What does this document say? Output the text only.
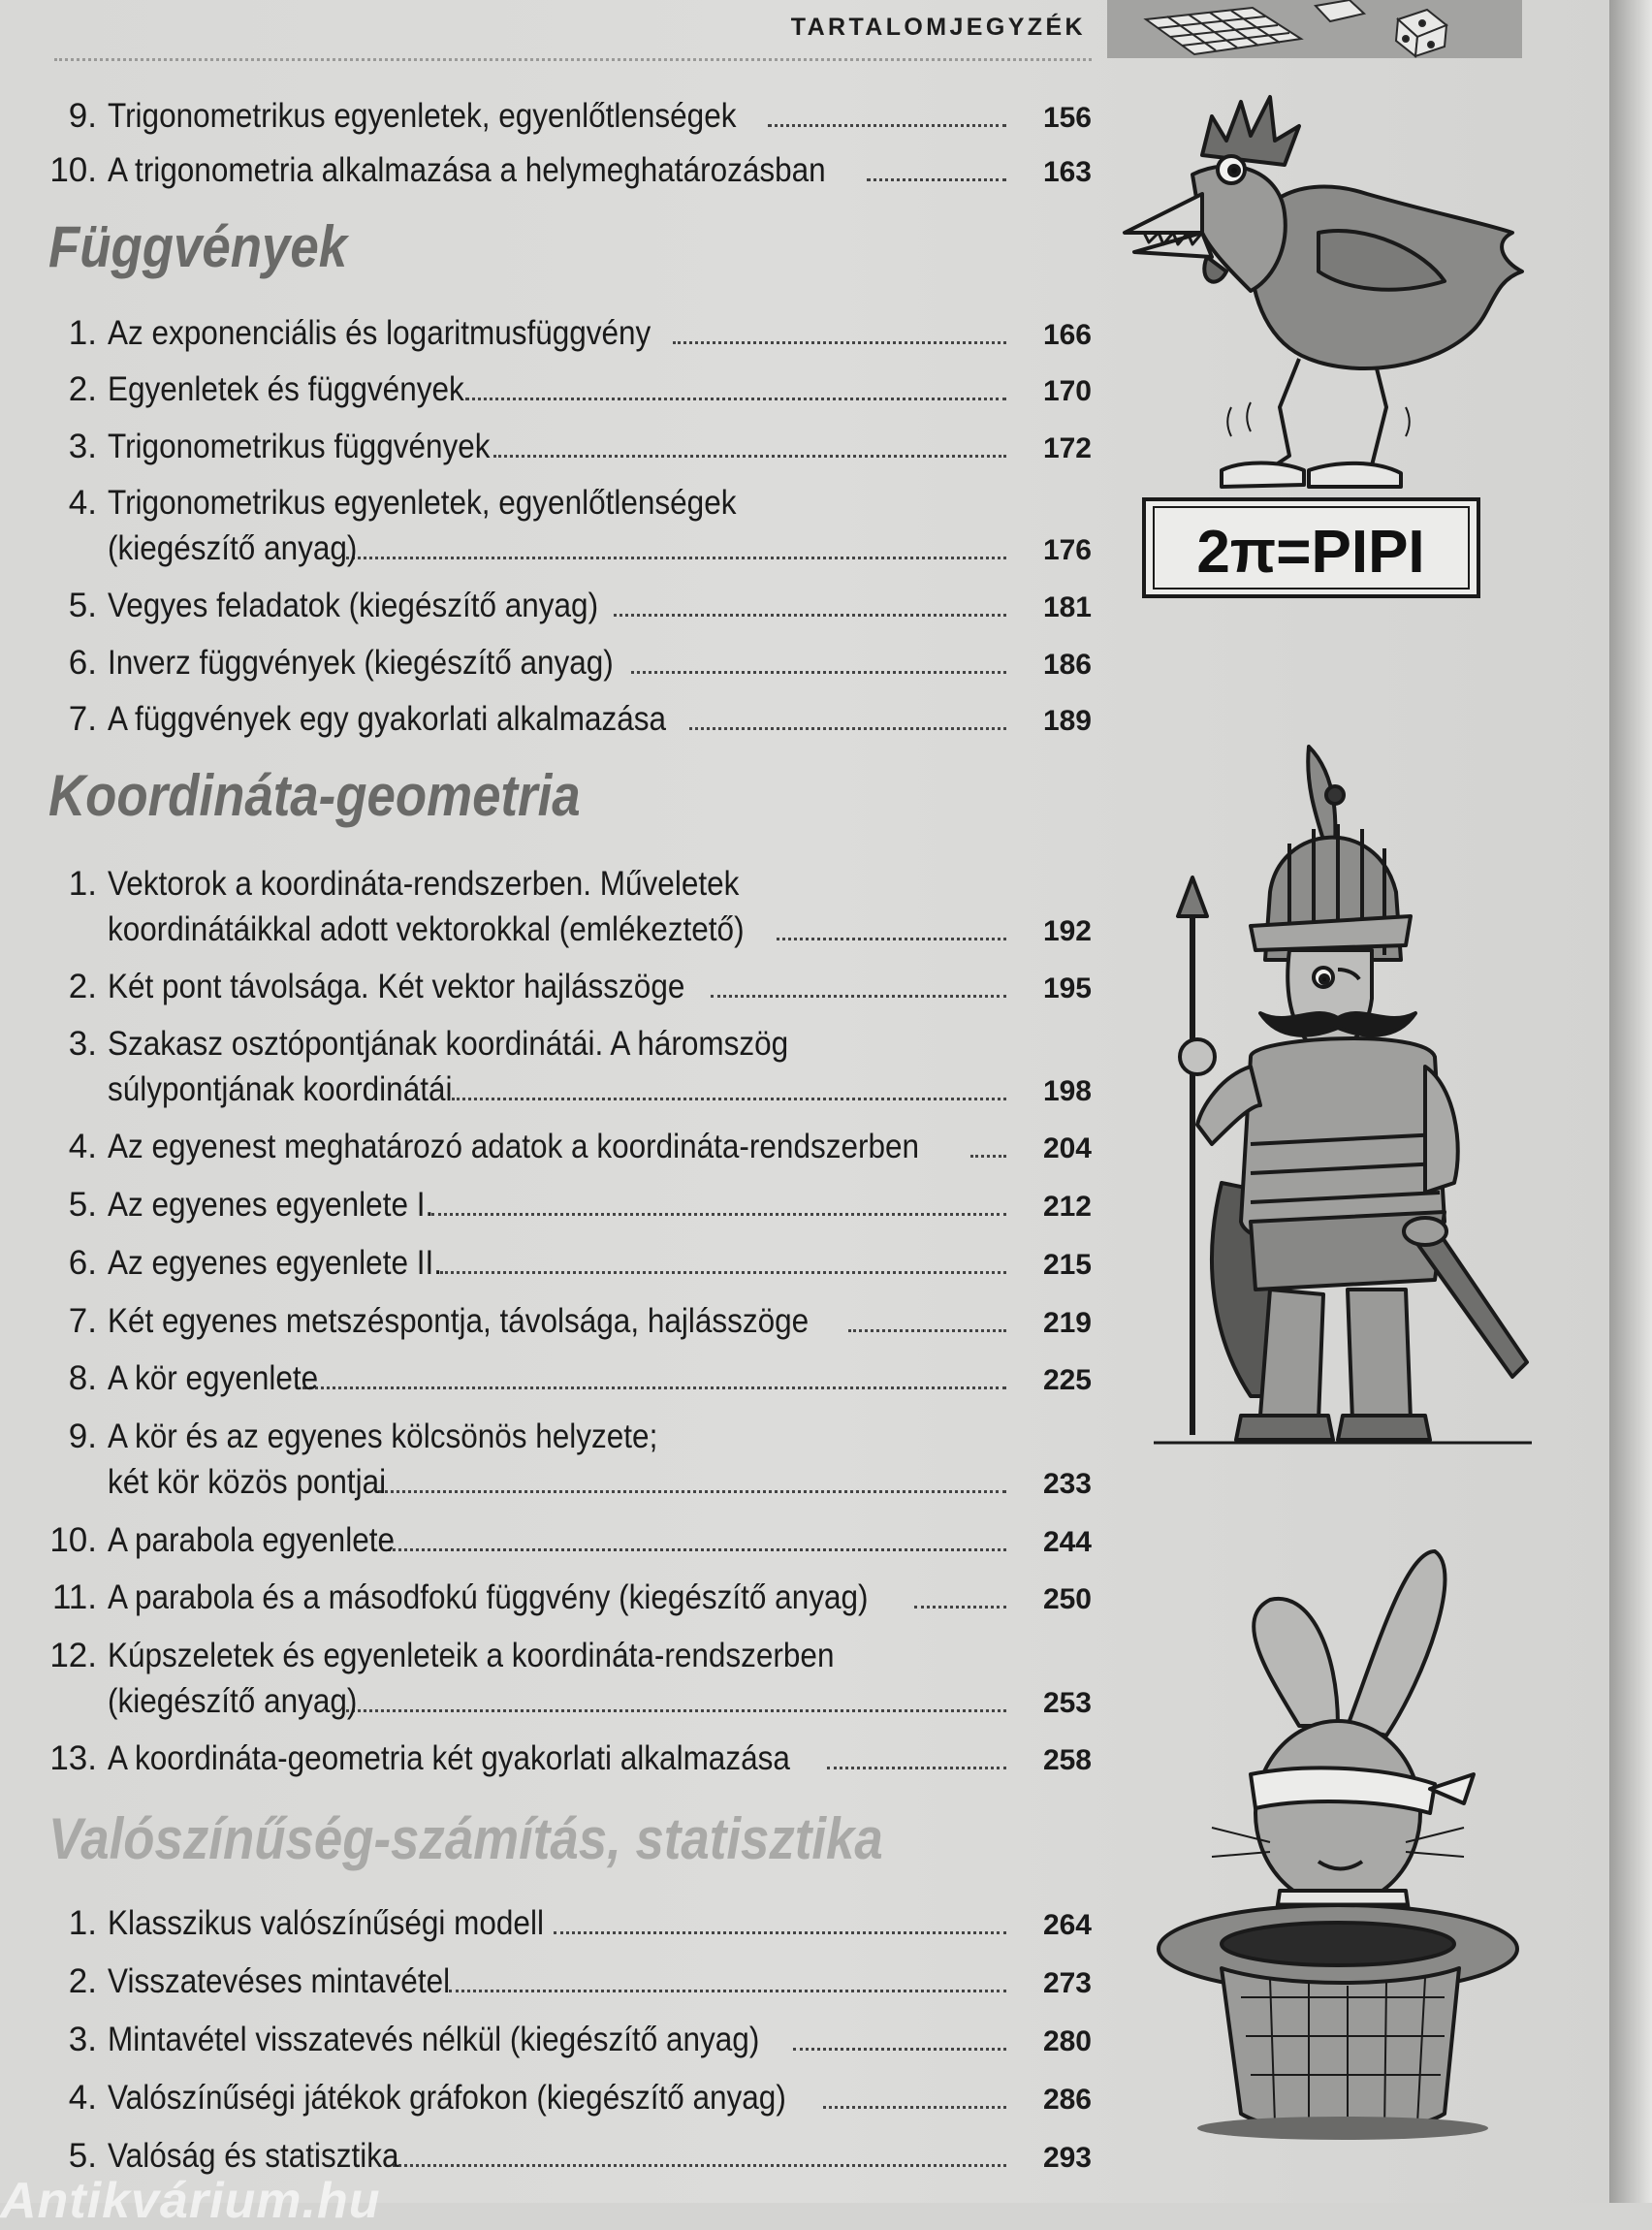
TARTALOMJEGYZÉK
9. Trigonometrikus egyenletek, egyenlőtlenségek	156
10. A trigonometria alkalmazása a helymeghatározásban	163
Függvények
1. Az exponenciális és logaritmusfüggvény	166
2. Egyenletek és függvények	170
3. Trigonometrikus függvények	172
4. Trigonometrikus egyenletek, egyenlőtlenségek
(kiegészítő anyag)	176
5. Vegyes feladatok (kiegészítő anyag)	181
6. Inverz függvények (kiegészítő anyag)	186
7. A függvények egy gyakorlati alkalmazása	189
Koordináta-geometria
1. Vektorok a koordináta-rendszerben. Műveletek
koordinátáikkal adott vektorokkal (emlékeztető)	192
2. Két pont távolsága. Két vektor hajlásszöge	195
3. Szakasz osztópontjának koordinátái. A háromszög
súlypontjának koordinátái	198
4. Az egyenest meghatározó adatok a koordináta-rendszerben	204
5. Az egyenes egyenlete I.	212
6. Az egyenes egyenlete II.	215
7. Két egyenes metszéspontja, távolsága, hajlásszöge	219
8. A kör egyenlete	225
9. A kör és az egyenes kölcsönös helyzete;
két kör közös pontjai	233
10. A parabola egyenlete	244
11. A parabola és a másodfokú függvény (kiegészítő anyag)	250
12. Kúpszeletek és egyenleteik a koordináta-rendszerben
(kiegészítő anyag)	253
13. A koordináta-geometria két gyakorlati alkalmazása	258
Valószínűség-számítás, statisztika
1. Klasszikus valószínűségi modell	264
2. Visszatevéses mintavétel	273
3. Mintavétel visszatevés nélkül (kiegészítő anyag)	280
4. Valószínűségi játékok gráfokon (kiegészítő anyag)	286
5. Valóság és statisztika	293
2π=PIPI
Antikvárium.hu
